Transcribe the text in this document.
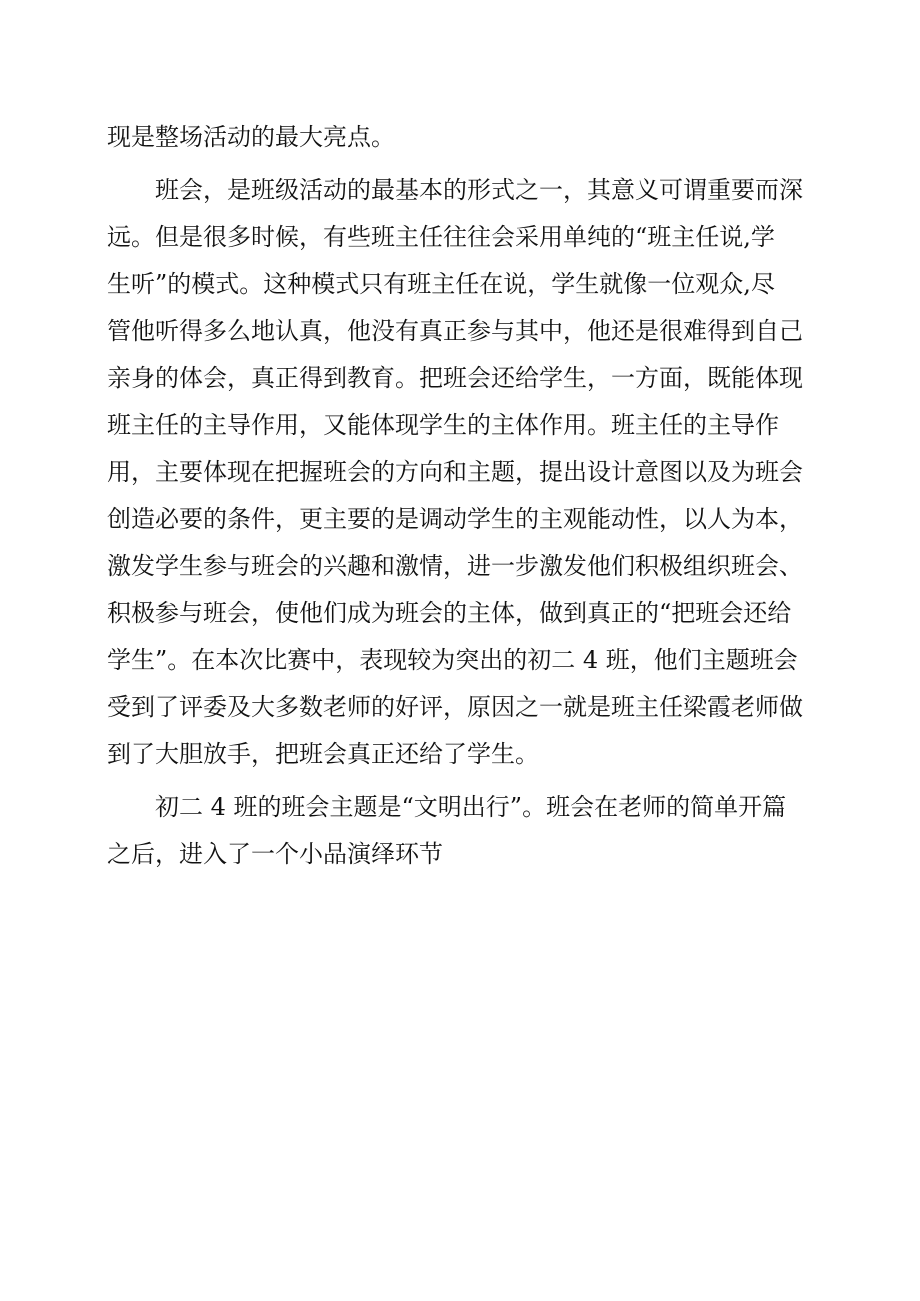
现是整场活动的最大亮点。
　　班会，是班级活动的最基本的形式之一，其意义可谓重要而深
远。但是很多时候，有些班主任往往会采用单纯的“班主任说,学
生听”的模式。这种模式只有班主任在说，学生就像一位观众,尽
管他听得多么地认真，他没有真正参与其中，他还是很难得到自己
亲身的体会，真正得到教育。把班会还给学生，一方面，既能体现
班主任的主导作用，又能体现学生的主体作用。班主任的主导作
用，主要体现在把握班会的方向和主题，提出设计意图以及为班会
创造必要的条件，更主要的是调动学生的主观能动性，以人为本，
激发学生参与班会的兴趣和激情，进一步激发他们积极组织班会、
积极参与班会，使他们成为班会的主体，做到真正的“把班会还给
学生”。在本次比赛中，表现较为突出的初二 4 班，他们主题班会
受到了评委及大多数老师的好评，原因之一就是班主任梁霞老师做
到了大胆放手，把班会真正还给了学生。
　　初二 4 班的班会主题是“文明出行”。班会在老师的简单开篇
之后，进入了一个小品演绎环节
